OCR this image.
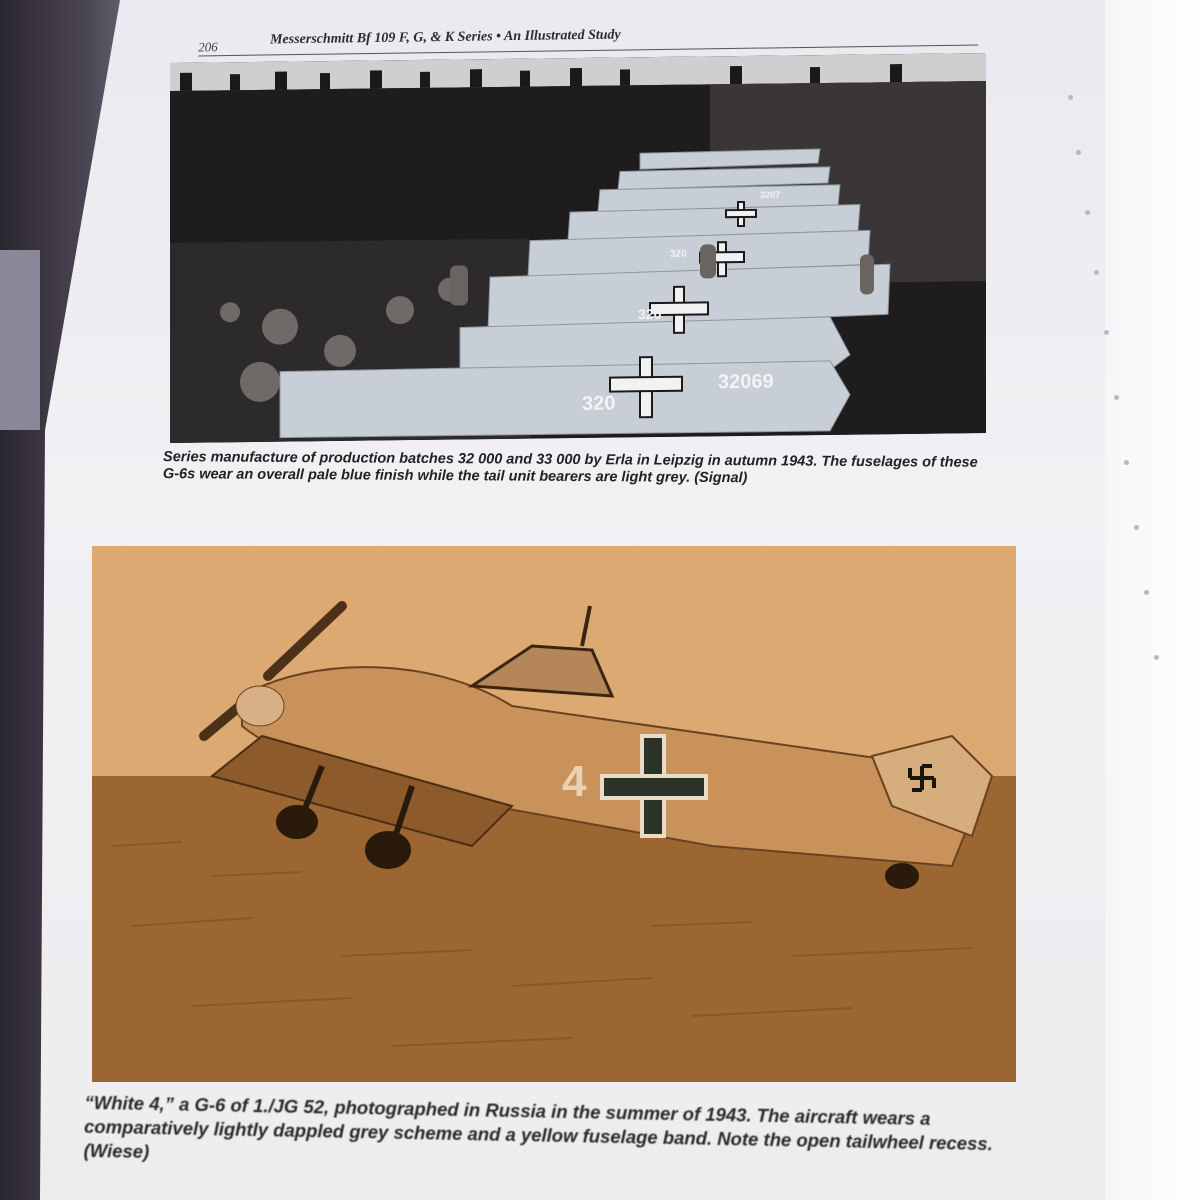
206	Messerschmitt Bf 109 F, G, & K Series • An Illustrated Study
320
32069
320
320
3207
Series manufacture of production batches 32 000 and 33 000 by Erla in Leipzig in autumn 1943. The fuselages of these G-6s wear an overall pale blue finish while the tail unit bearers are light grey. (Signal)
4
“White 4,” a G-6 of 1./JG 52, photographed in Russia in the summer of 1943. The aircraft wears a comparatively lightly dappled grey scheme and a yellow fuselage band. Note the open tailwheel recess. (Wiese)
